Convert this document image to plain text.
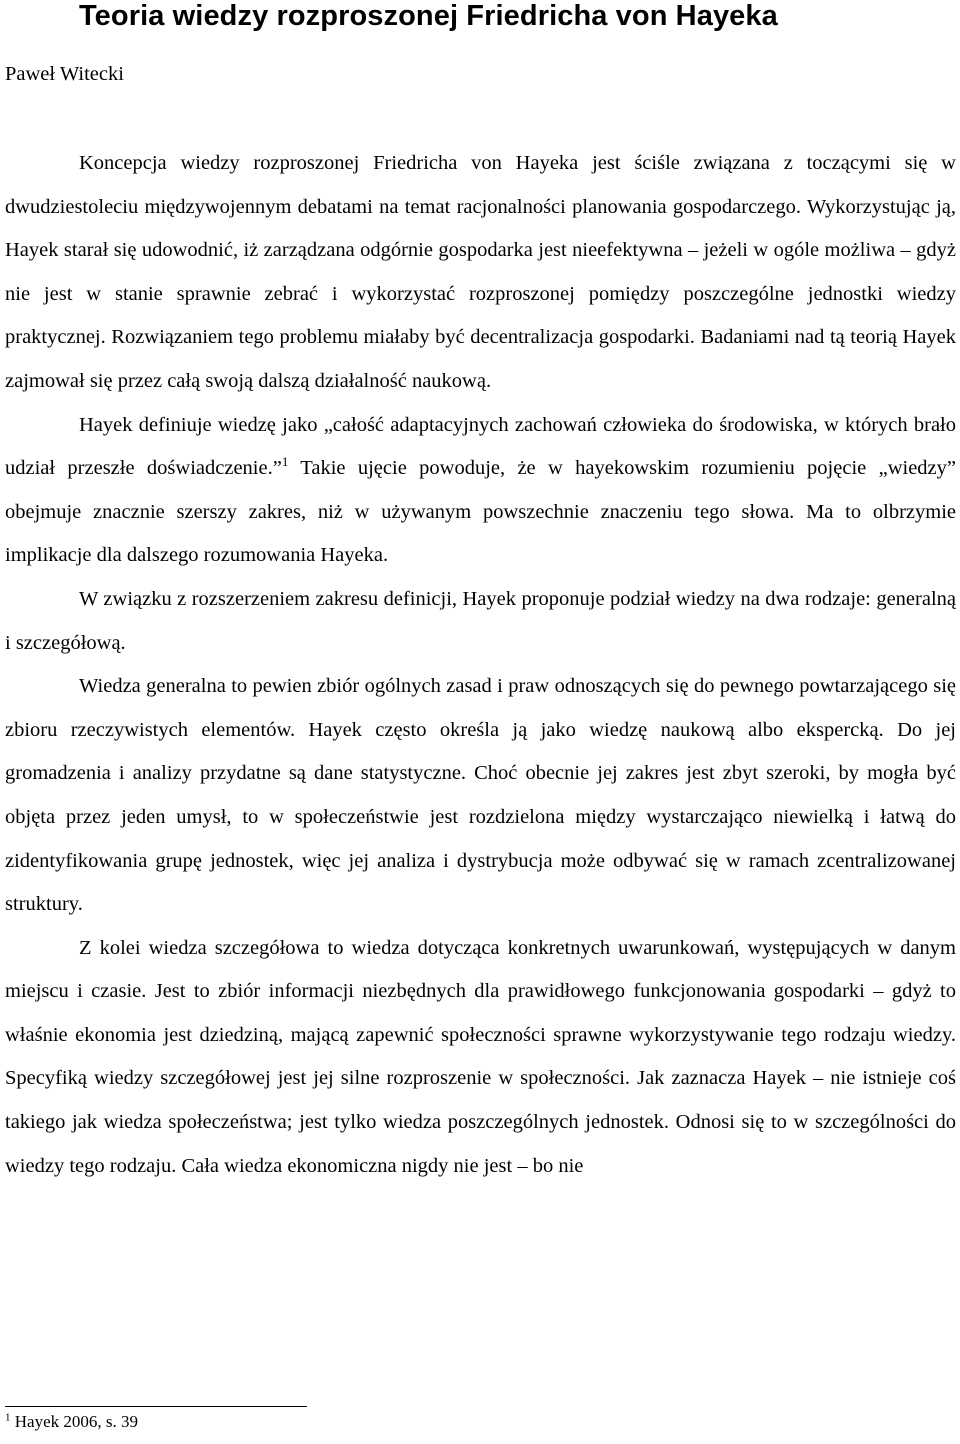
Teoria wiedzy rozproszonej Friedricha von Hayeka
Paweł Witecki

Koncepcja wiedzy rozproszonej Friedricha von Hayeka jest ściśle związana z toczącymi się w dwudziestoleciu międzywojennym debatami na temat racjonalności planowania gospodarczego. Wykorzystując ją, Hayek starał się udowodnić, iż zarządzana odgórnie gospodarka jest nieefektywna – jeżeli w ogóle możliwa – gdyż nie jest w stanie sprawnie zebrać i wykorzystać rozproszonej pomiędzy poszczególne jednostki wiedzy praktycznej. Rozwiązaniem tego problemu miałaby być decentralizacja gospodarki. Badaniami nad tą teorią Hayek zajmował się przez całą swoją dalszą działalność naukową.

Hayek definiuje wiedzę jako „całość adaptacyjnych zachowań człowieka do środowiska, w których brało udział przeszłe doświadczenie.”$^1$ Takie ujęcie powoduje, że w hayekowskim rozumieniu pojęcie „wiedzy” obejmuje znacznie szerszy zakres, niż w używanym powszechnie znaczeniu tego słowa. Ma to olbrzymie implikacje dla dalszego rozumowania Hayeka.

W związku z rozszerzeniem zakresu definicji, Hayek proponuje podział wiedzy na dwa rodzaje: generalną i szczegółową.

Wiedza generalna to pewien zbiór ogólnych zasad i praw odnoszących się do pewnego powtarzającego się zbioru rzeczywistych elementów. Hayek często określa ją jako wiedzę naukową albo ekspercką. Do jej gromadzenia i analizy przydatne są dane statystyczne. Choć obecnie jej zakres jest zbyt szeroki, by mogła być objęta przez jeden umysł, to w społeczeństwie jest rozdzielona między wystarczająco niewielką i łatwą do zidentyfikowania grupę jednostek, więc jej analiza i dystrybucja może odbywać się w ramach zcentralizowanej struktury.

Z kolei wiedza szczegółowa to wiedza dotycząca konkretnych uwarunkowań, występujących w danym miejscu i czasie. Jest to zbiór informacji niezbędnych dla prawidłowego funkcjonowania gospodarki – gdyż to właśnie ekonomia jest dziedziną, mającą zapewnić społeczności sprawne wykorzystywanie tego rodzaju wiedzy. Specyfiką wiedzy szczegółowej jest jej silne rozproszenie w społeczności. Jak zaznacza Hayek – nie istnieje coś takiego jak wiedza społeczeństwa; jest tylko wiedza poszczególnych jednostek. Odnosi się to w szczególności do wiedzy tego rodzaju. Cała wiedza ekonomiczna nigdy nie jest – bo nie

$^1$ Hayek 2006, s. 39
